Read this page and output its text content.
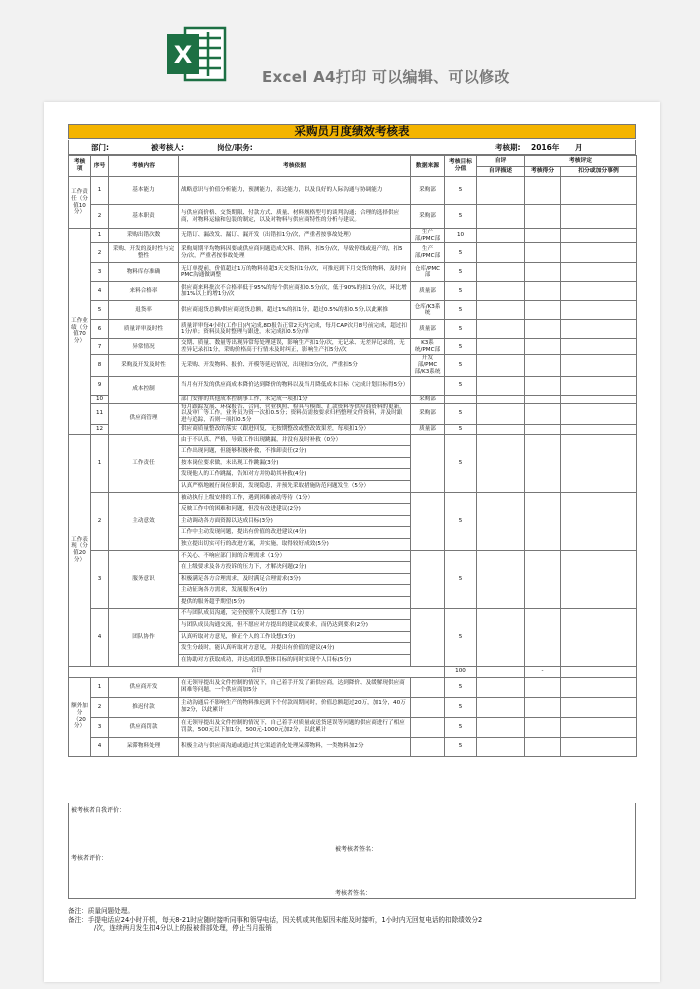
X
Excel A4打印 可以编辑、可以修改
采购员月度绩效考核表
部门:	被考核人:	岗位/职务:	考核期: 2016年 月
考核项	序号	考核内容	考核依据	数据来源	考核目标分值	自评	考核评定	
						自评描述	考核得分	扣分或加分事例
工作责任（分值10分）	1	基本能力	战略意识与价值分析能力，预测能力，表达能力，以及良好的人际沟通与协调能力	采购部	5			
	2	基本职责	与供应商价格、交货期限、付款方式、质量、材料规格型号的谈判沟通；合理的选择供应商，对物料运输和包装的制定，以及对物料与供应商特性的分析与建议。	采购部	5			
工作业绩（分值70分）	1	采购出错次数	无错订、漏改发、漏订、漏开发（出错扣1分/次，严重者按事故处理）	生产部/PMC部	10			
	2	采购、开发的及时性与完整性	采购周期平均物料因要或供应商问题造成欠料、错料，扣5分/次，导致停线或返产的，扣5分/次，严重者按事故处理	生产部/PMC部	5			
	3	物料库存准确	无订单提前，价值超过1万的物料待超3天交货扣1分/次，可推迟到下月交货的物料，及时向PMC沟通做调整	仓库/PMC部	5			
	4	来料合格率	供应商来料批次不合格率低于95%的每个供应商扣0.5分/次，低于90%的扣1分/次，环比增加1%以上的增1分/次	质量部	5			
	5	退货率	供应商退货总额/供应商送货总额，超过1%的扣1分，超过0.5%的扣0.5分,以此累推	仓库/K3系统	5			
	6	质量评审及时性	质量评审每4小时(工作日)内完成,8D报告正常2天内完成，每月CAP次月8号前完成，超过扣1分/单；资料员及时整理与跟进，未完成扣0.5分/单	质量部	5			
	7	异常情况	交期、质量、数量等出现异常每处理延误，影响生产扣1分/次，无记录、无差异记录的，无差异记录扣1分，采购价格高于行情未及时纠正，影响生产扣5分/次	K3系统/PMC部	5			
	8	采购及开发及时性	无采购、开发物料、报价、开模等延迟情况，出现扣3分/次，严重扣5分	开发部/PMC部/K3系统	5			
	9	成本控制	当月有开发的供应商成本降价达到降价的物料以及当月降低成本目标（完成计划目标得5分）		5			
	10		部门安排的其他成本控制事工作，未完成一项扣1分	采购部				
	11	供应商管理	每月跟踪发展、环保报告、合同、营业执照、检具与模图、汇款资料等供应商资料的更新，以及审厂等工作。业务员为资一次扣0.5分；资料员需按要求归档整理文件资料，并及时跟进与追踪，否则一项扣0.5分	采购部	5			
	12		供应商质量整改的落实（跟进回复，无按期整改或整改效果差，每项扣1分）	质量部	5			
工作表现（分值20分）	1	工作责任	由于不认真、严格，导致工作出现跳漏，并没有及时补救（0分）		5			
			工作出现问题，但能够积极补救，不推卸责任(2分)					
			按本岗位要求做，未出现工作跳漏(3分)					
			发现他人的工作跳漏，告知对方并协助其补救(4分)					
			认真严格地履行岗位职责，发现隐患，并预先采取措施防范问题发生（5分）					
	2	主动意效	被动执行上级安排的工作，遇到困难被动等待（1分）		5			
			反映工作中的困难和问题，但没有改进建议(2分)					
			主动调动各方面资源以达成目标(3分)					
			工作中主动发现问题，提出有价值的改进建议(4分)					
			独立提出切实可行的改进方案，并实施，取得较好成效(5分)					
	3	服务意识	不关心、不响应部门间的合理需求（1分）		5			
			在上级要求及各方投诉的压力下，才解决问题(2分)					
			积极满足各方合理需求，及时满足合理需求(3分)					
			主动征询各方需求，发展服务(4分)					
			提供的服务超乎期望(5分)					
	4	团队协作	不与团队成员沟通，完全按照个人设想工作（1分）		5			
			与团队成员沟通交流，但不愿应对方提出的建议或要求，而仍达到要求(2分)					
			认真听取对方意见，修正个人的工作设想(3分)					
			发生分歧时，能认真听取对方意见，并提出有价值的建议(4分)					
			在协助对方获取成功，并达成团队整体目标的同时实现个人目标(5分)					
合计					100		-	
额外加分（20分）	1	供应商开发	在无领导提出及文件控制的情况下，自己着手开发了新供应商，达到降价、及缓解现供应商困难等问题，一个供应商加5分		5			
	2	推迟付款	主动沟通后不影响生产的物料推迟到下个付款周期同时，价值总额超过20万，加1分，40万加2分，以此累计		5			
	3	供应商罚款	在无领导提出及文件控制的情况下，自己着手对质量或送货延误等问题的供应商进行了相应罚款，500元以下加1分，500元-1000元加2分，以此累计		5			
	4	呆滞物料处理	积极主动与供应商沟通或通过其它渠道消化处理呆滞物料，一类物料加2分		5			
被考核者自我评价：
被考核者签名：
考核者评价：
考核者签名：
备注：质量问题处理。
备注：手提电话应24小时开机，每天8-21时应随时接听同事和领导电话，因关机或其他原因未能及时接听，1小时内无回复电话的扣除绩效分2
/次，连续两月发生扣4分以上的报被督部处理，停止当月报销
